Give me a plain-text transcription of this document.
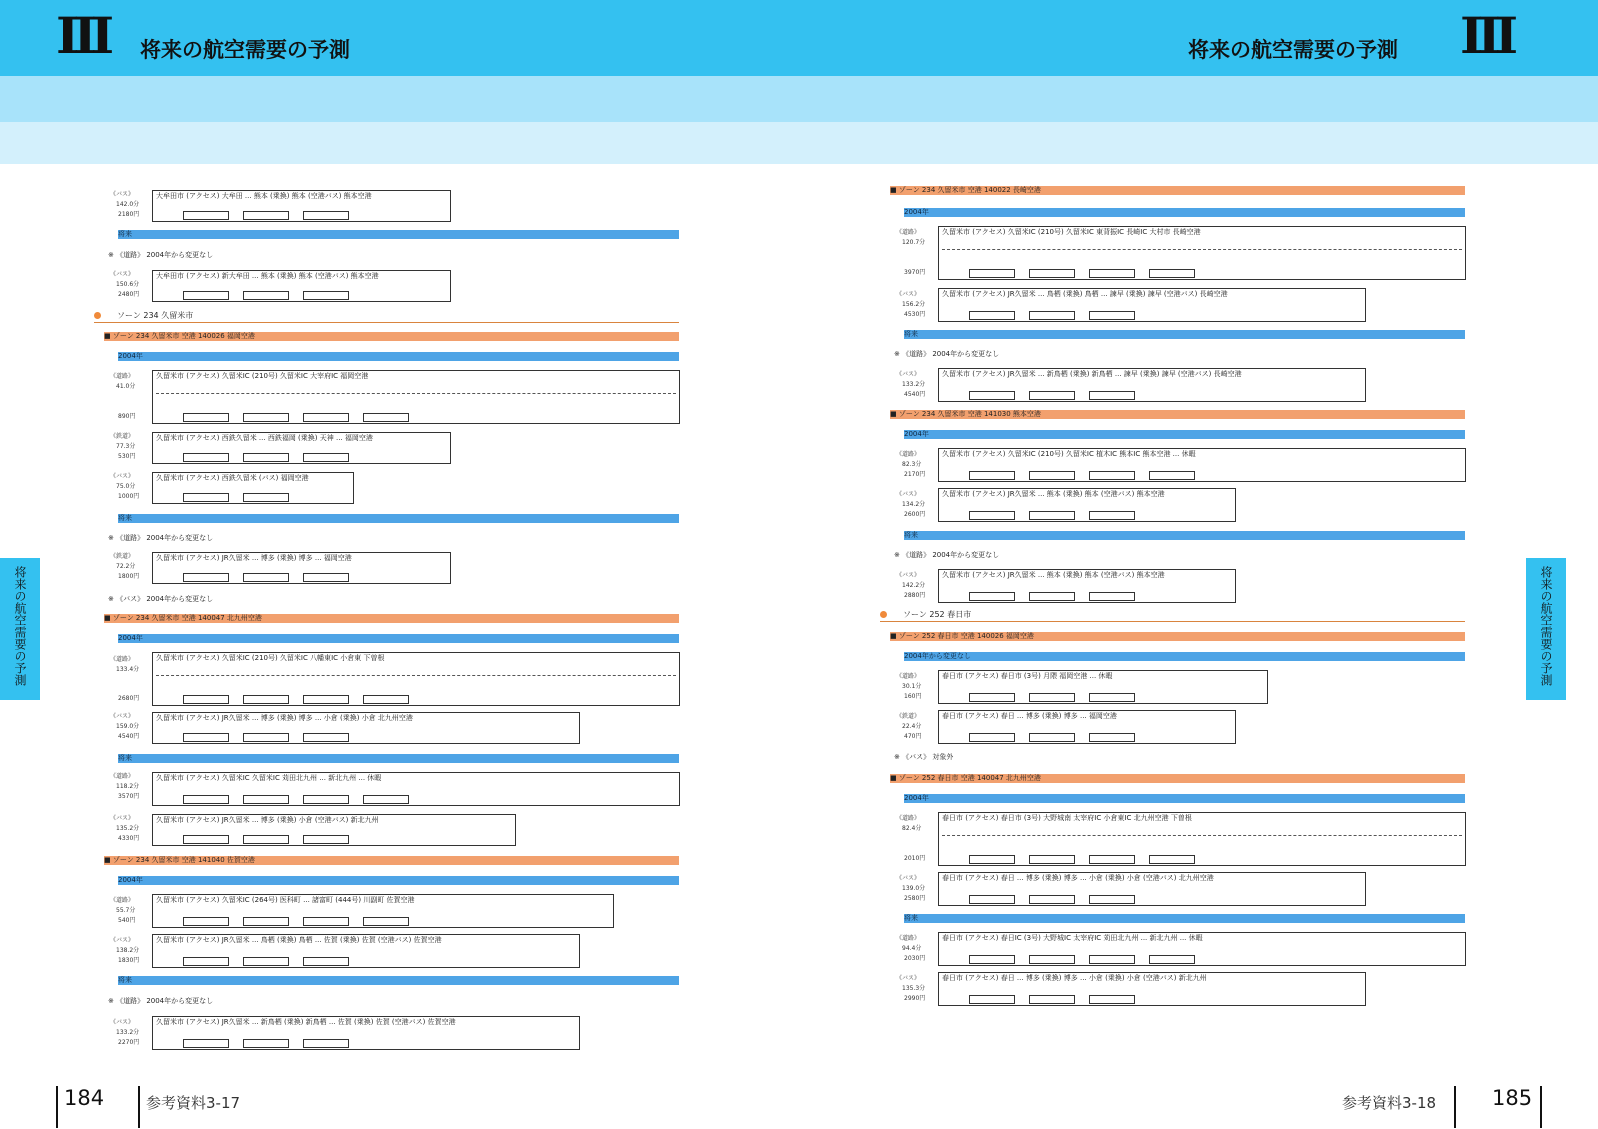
III 将来の航空需要の予測	将来の航空需要の予測 III
将来の航空需要の予測	将来の航空需要の予測
大牟田市 (アクセス) 大牟田 ... 熊本 (乗換) 熊本 (空港バス) 熊本空港
《バス》
142.0分
2180円
将来
※ 《道路》 2004年から変更なし
大牟田市 (アクセス) 新大牟田 ... 熊本 (乗換) 熊本 (空港バス) 熊本空港
《バス》
150.6分
2480円
ソーン 234 久留米市
■ ゾーン 234 久留米市 空港 140026 福岡空港
2004年
久留米市 (アクセス) 久留米IC (210号) 久留米IC 大宰府IC 福岡空港
《道路》
41.0分
890円
久留米市 (アクセス) 西鉄久留米 ... 西鉄福岡 (乗換) 天神 ... 福岡空港
《鉄道》
77.3分
530円
久留米市 (アクセス) 西鉄久留米 (バス) 福岡空港
《バス》
75.0分
1000円
将来
※ 《道路》 2004年から変更なし
久留米市 (アクセス) JR久留米 ... 博多 (乗換) 博多 ... 福岡空港
《鉄道》
72.2分
1800円
※ 《バス》 2004年から変更なし
■ ゾーン 234 久留米市 空港 140047 北九州空港
2004年
久留米市 (アクセス) 久留米IC (210号) 久留米IC 八幡東IC 小倉東 下曽根
《道路》
133.4分
2680円
久留米市 (アクセス) JR久留米 ... 博多 (乗換) 博多 ... 小倉 (乗換) 小倉 北九州空港
《バス》
159.0分
4540円
将来
久留米市 (アクセス) 久留米IC 久留米IC 苅田北九州 ... 新北九州 ... 休暇
《道路》
118.2分
3570円
久留米市 (アクセス) JR久留米 ... 博多 (乗換) 小倉 (空港バス) 新北九州
《バス》
135.2分
4330円
■ ゾーン 234 久留米市 空港 141040 佐賀空港
2004年
久留米市 (アクセス) 久留米IC (264号) 医科町 ... 諸富町 (444号) 川副町 佐賀空港
《道路》
55.7分
540円
久留米市 (アクセス) JR久留米 ... 鳥栖 (乗換) 鳥栖 ... 佐賀 (乗換) 佐賀 (空港バス) 佐賀空港
《バス》
138.2分
1830円
将来
※ 《道路》 2004年から変更なし
久留米市 (アクセス) JR久留米 ... 新鳥栖 (乗換) 新鳥栖 ... 佐賀 (乗換) 佐賀 (空港バス) 佐賀空港
《バス》
133.2分
2270円
■ ゾーン 234 久留米市 空港 140022 長崎空港
2004年
久留米市 (アクセス) 久留米IC (210号) 久留米IC 東背振IC 長崎IC 大村市 長崎空港
《道路》
120.7分
3970円
久留米市 (アクセス) JR久留米 ... 鳥栖 (乗換) 鳥栖 ... 諫早 (乗換) 諫早 (空港バス) 長崎空港
《バス》
156.2分
4530円
将来
※ 《道路》 2004年から変更なし
久留米市 (アクセス) JR久留米 ... 新鳥栖 (乗換) 新鳥栖 ... 諫早 (乗換) 諫早 (空港バス) 長崎空港
《バス》
133.2分
4540円
■ ゾーン 234 久留米市 空港 141030 熊本空港
2004年
久留米市 (アクセス) 久留米IC (210号) 久留米IC 植木IC 熊本IC 熊本空港 ... 休暇
《道路》
82.3分
2170円
久留米市 (アクセス) JR久留米 ... 熊本 (乗換) 熊本 (空港バス) 熊本空港
《バス》
134.2分
2600円
将来
※ 《道路》 2004年から変更なし
久留米市 (アクセス) JR久留米 ... 熊本 (乗換) 熊本 (空港バス) 熊本空港
《バス》
142.2分
2880円
ソーン 252 春日市
■ ゾーン 252 春日市 空港 140026 福岡空港
2004年から変更なし
春日市 (アクセス) 春日市 (3号) 月隈 福岡空港 ... 休暇
《道路》
30.1分
160円
春日市 (アクセス) 春日 ... 博多 (乗換) 博多 ... 福岡空港
《鉄道》
22.4分
470円
※ 《バス》 対象外
■ ゾーン 252 春日市 空港 140047 北九州空港
2004年
春日市 (アクセス) 春日市 (3号) 大野城南 太宰府IC 小倉東IC 北九州空港 下曽根
《道路》
82.4分
2010円
春日市 (アクセス) 春日 ... 博多 (乗換) 博多 ... 小倉 (乗換) 小倉 (空港バス) 北九州空港
《バス》
139.0分
2580円
将来
春日市 (アクセス) 春日IC (3号) 大野城IC 太宰府IC 苅田北九州 ... 新北九州 ... 休暇
《道路》
94.4分
2030円
春日市 (アクセス) 春日 ... 博多 (乗換) 博多 ... 小倉 (乗換) 小倉 (空港バス) 新北九州
《バス》
135.3分
2990円
184	参考資料3-17	参考資料3-18	185
